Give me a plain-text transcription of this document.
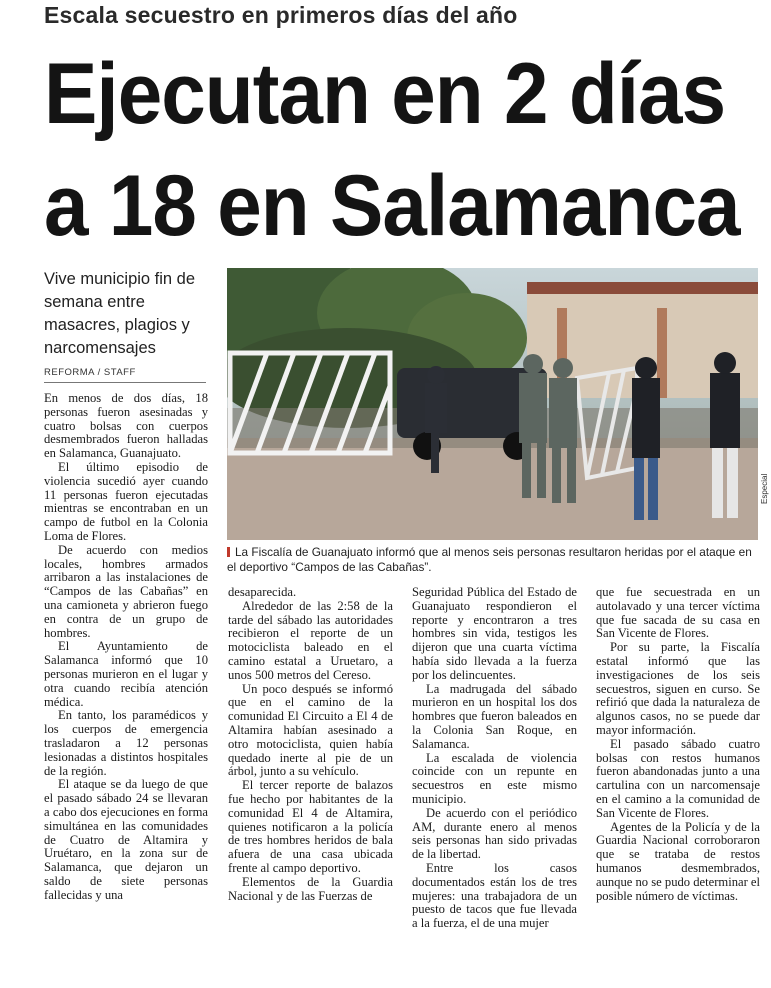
Escala secuestro en primeros días del año
Ejecutan en 2 días
a 18 en Salamanca
Vive municipio fin de semana entre masacres, plagios y narcomensajes
REFORMA / STAFF
Especial
La Fiscalía de Guanajuato informó que al menos seis personas resultaron heridas por el ataque en el deportivo “Campos de las Cabañas”.

En menos de dos días, 18 personas fueron asesinadas y cuatro bolsas con cuerpos desmembrados fueron halladas en Salamanca, Guanajuato.

El último episodio de violencia sucedió ayer cuando 11 personas fueron ejecutadas mientras se encontraban en un campo de futbol en la Colonia Loma de Flores.

De acuerdo con medios locales, hombres armados arribaron a las instalaciones de “Campos de las Cabañas” en una camioneta y abrieron fuego en contra de un grupo de hombres.

El Ayuntamiento de Salamanca informó que 10 personas murieron en el lugar y otra cuando recibía atención médica.

En tanto, los paramédicos y los cuerpos de emergencia trasladaron a 12 personas lesionadas a distintos hospitales de la región.

El ataque se da luego de que el pasado sábado 24 se llevaran a cabo dos ejecuciones en forma simultánea en las comunidades de Cuatro de Altamira y Uruétaro, en la zona sur de Salamanca, que dejaron un saldo de siete personas fallecidas y una

desaparecida.

Alrededor de las 2:58 de la tarde del sábado las autoridades recibieron el reporte de un motociclista baleado en el camino estatal a Uruetaro, a unos 500 metros del Cereso.

Un poco después se informó que en el camino de la comunidad El Circuito a El 4 de Altamira habían asesinado a otro motociclista, quien había quedado inerte al pie de un árbol, junto a su vehículo.

El tercer reporte de balazos fue hecho por habitantes de la comunidad El 4 de Altamira, quienes notificaron a la policía de tres hombres heridos de bala afuera de una casa ubicada frente al campo deportivo.

Elementos de la Guardia Nacional y de las Fuerzas de

Seguridad Pública del Estado de Guanajuato respondieron el reporte y encontraron a tres hombres sin vida, testigos les dijeron que una cuarta víctima había sido llevada a la fuerza por los delincuentes.

La madrugada del sábado murieron en un hospital los dos hombres que fueron baleados en la Colonia San Roque, en Salamanca.

La escalada de violencia coincide con un repunte en secuestros en este mismo municipio.

De acuerdo con el periódico AM, durante enero al menos seis personas han sido privadas de la libertad.

Entre los casos documentados están los de tres mujeres: una trabajadora de un puesto de tacos que fue llevada a la fuerza, el de una mujer

que fue secuestrada en un autolavado y una tercer víctima que fue sacada de su casa en San Vicente de Flores.

Por su parte, la Fiscalía estatal informó que las investigaciones de los seis secuestros, siguen en curso. Se refirió que dada la naturaleza de algunos casos, no se puede dar mayor información.

El pasado sábado cuatro bolsas con restos humanos fueron abandonadas junto a una cartulina con un narcomensaje en el camino a la comunidad de San Vicente de Flores.

Agentes de la Policía y de la Guardia Nacional corroboraron que se trataba de restos humanos desmembrados, aunque no se pudo determinar el posible número de víctimas.
